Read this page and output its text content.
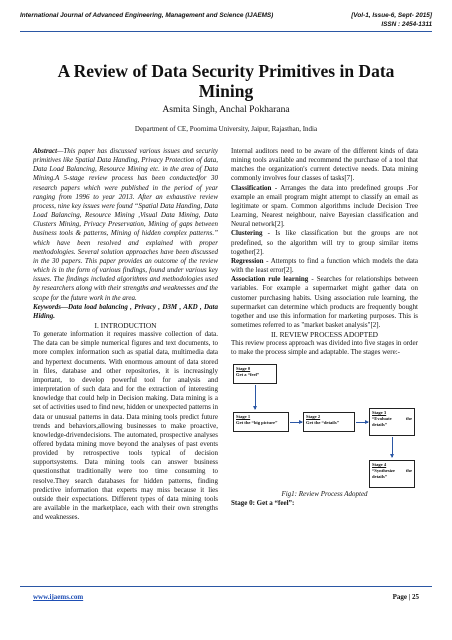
International Journal of Advanced Engineering, Management and Science (IJAEMS)	[Vol-1, Issue-6, Sept- 2015]
ISSN : 2454-1311
A Review of Data Security Primitives in Data Mining
Asmita Singh, Anchal Pokharana
Department of CE, Poornima University, Jaipur, Rajasthan, India

Abstract—This paper has discussed various issues and security primitives like Spatial Data Handing, Privacy Protection of data, Data Load Balancing, Resource Mining etc. in the area of Data Mining.A 5-stage review process has been conductedfor 30 research papers which were published in the period of year ranging from 1996 to year 2013. After an exhaustive review process, nine key issues were found “Spatial Data Handing, Data Load Balancing, Resource Mining ,Visual Data Mining, Data Clusters Mining, Privacy Preservation, Mining of gaps between business tools & patterns, Mining of hidden complex patterns.” which have been resolved and explained with proper methodologies. Several solution approaches have been discussed in the 30 papers. This paper provides an outcome of the review which is in the form of various findings, found under various key issues. The findings included algorithms and methodologies used by researchers along with their strengths and weaknesses and the scope for the future work in the area.

Keywords—Data load balancing , Privacy , D3M , AKD , Data Hiding.

I. INTRODUCTION

To generate information it requires massive collection of data. The data can be simple numerical figures and text documents, to more complex information such as spatial data, multimedia data and hypertext documents. With enormous amount of data stored in files, database and other repositories, it is increasingly important, to develop powerful tool for analysis and interpretation of such data and for the extraction of interesting knowledge that could help in Decision making. Data mining is a set of activities used to find new, hidden or unexpected patterns in data or unusual patterns in data. Data mining tools predict future trends and behaviors,allowing businesses to make proactive, knowledge-drivendecisions. The automated, prospective analyses offered bydata mining move beyond the analyses of past events provided by retrospective tools typical of decision supportsystems. Data mining tools can answer business questionsthat traditionally were too time consuming to resolve.They search databases for hidden patterns, finding predictive information that experts may miss because it lies outside their expectations. Different types of data mining tools are available in the marketplace, each with their own strengths and weaknesses.

Internal auditors need to be aware of the different kinds of data mining tools available and recommend the purchase of a tool that matches the organization's current detective needs. Data mining commonly involves four classes of tasks[7].

Classification - Arranges the data into predefined groups .For example an email program might attempt to classify an email as legitimate or spam. Common algorithms include Decision Tree Learning, Nearest neighbour, naive Bayesian classification and Neural network[2].

Clustering - Is like classification but the groups are not predefined, so the algorithm will try to group similar items together[2].

Regression - Attempts to find a function which models the data with the least error[2].

Association rule learning - Searches for relationships between variables. For example a supermarket might gather data on customer purchasing habits. Using association rule learning, the supermarket can determine which products are frequently bought together and use this information for marketing purposes. This is sometimes referred to as "market basket analysis"[2].

II. REVIEW PROCESS ADOPTED

This review process approach was divided into five stages in order to make the process simple and adaptable. The stages were:-

Stage 0
Get a “feel”
Stage 1
Get the “big picture”
Stage 2
Get the “details”
Stage 3
“Evaluate the details”
Stage 4
“Synthesize the details”

Fig1: Review Process Adopted

Stage 0: Get a “feel”:

www.ijaems.com	Page | 25
